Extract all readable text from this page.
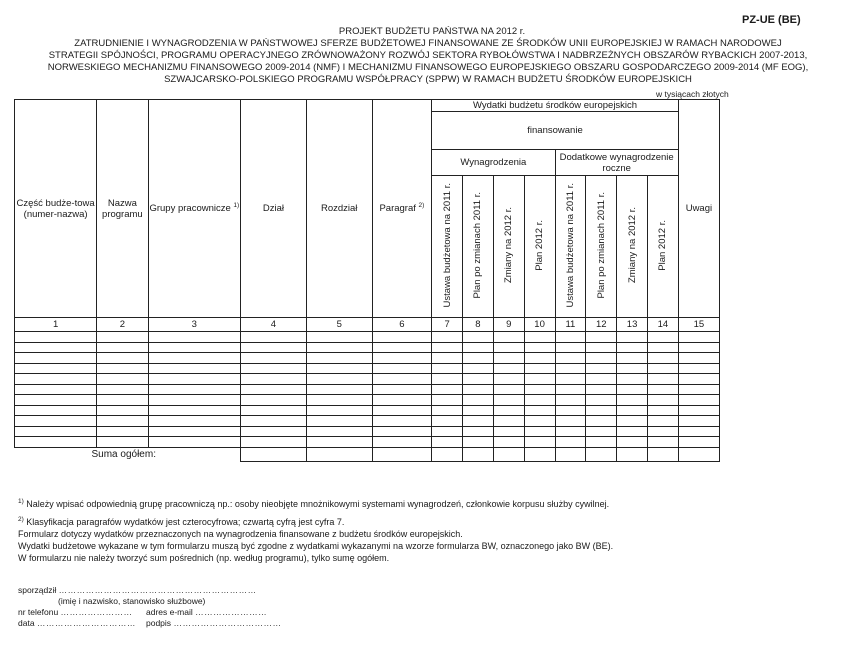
PZ-UE (BE)
PROJEKT BUDŻETU PAŃSTWA NA 2012 r.
ZATRUDNIENIE I WYNAGRODZENIA W PAŃSTWOWEJ SFERZE BUDŻETOWEJ FINANSOWANE ZE ŚRODKÓW UNII EUROPEJSKIEJ W RAMACH NARODOWEJ
STRATEGII SPÓJNOŚCI, PROGRAMU OPERACYJNEGO ZRÓWNOWAŻONY ROZWÓJ SEKTORA RYBOŁÓWSTWA I NADBRZEŻNYCH OBSZARÓW RYBACKICH 2007-2013,
NORWESKIEGO MECHANIZMU FINANSOWEGO 2009-2014 (NMF) I MECHANIZMU FINANSOWEGO EUROPEJSKIEGO OBSZARU GOSPODARCZEGO 2009-2014 (MF EOG),
SZWAJCARSKO-POLSKIEGO PROGRAMU WSPÓŁPRACY (SPPW) W RAMACH BUDŻETU ŚRODKÓW EUROPEJSKICH
w tysiącach złotych
Część budże-towa (numer-nazwa)	Nazwa programu	Grupy pracownicze $^{1)}$	Dział	Rozdział	Paragraf $^{2)}$	Wydatki budżetu środków europejskich								Uwagi
						finansowanie								
						Wynagrodzenia				Dodatkowe wynagrodzenie roczne				
						Ustawa budżetowa na 2011 r.	Plan po zmianach 2011 r.	Zmiany na 2012 r.	Plan 2012 r.	Ustawa budżetowa na 2011 r.	Plan po zmianach 2011 r.	Zmiany na 2012 r.	Plan 2012 r.	
1	2	3	4	5	6	7	8	9	10	11	12	13	14	15

Suma ogółem:														

$^{1)}$ Należy wpisać odpowiednią grupę pracowniczą np.: osoby nieobjęte mnożnikowymi systemami wynagrodzeń, członkowie korpusu służby cywilnej.

$^{2)}$ Klasyfikacja paragrafów wydatków jest czterocyfrowa; czwartą cyfrą jest cyfra 7.

Formularz dotyczy wydatków przeznaczonych na wynagrodzenia finansowane z budżetu środków europejskich.

Wydatki budżetowe wykazane w tym formularzu muszą być zgodne z wydatkami wykazanymi na wzorze formularza BW, oznaczonego jako BW (BE).

W formularzu nie należy tworzyć sum pośrednich (np. według programu), tylko sumę ogółem.

sporządził …………………………………………………………
(imię i nazwisko, stanowisko służbowe)
nr telefonu …………………… adres e-mail ……………………
data …………………………… podpis ………………………………
